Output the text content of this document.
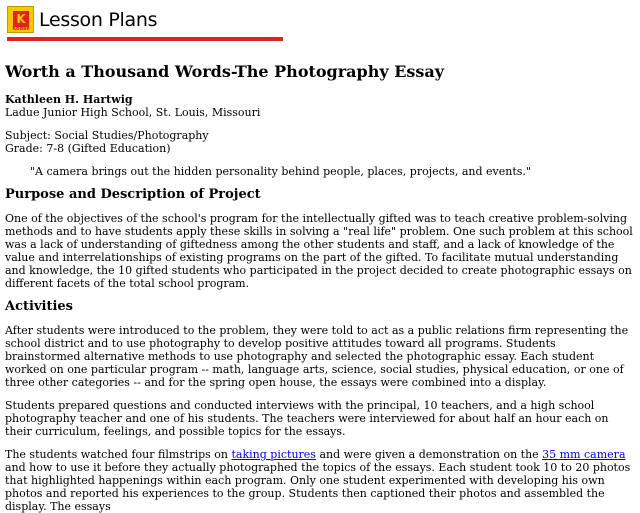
K
Kodak Lesson Plans
Worth a Thousand Words-The Photography Essay
Kathleen H. Hartwig
Ladue Junior High School, St. Louis, Missouri
Subject: Social Studies/Photography
Grade: 7-8 (Gifted Education)

"A camera brings out the hidden personality behind people, places, projects, and events."

Purpose and Description of Project

One of the objectives of the school's program for the intellectually gifted was to teach creative problem-solving methods and to have students apply these skills in solving a "real life" problem. One such problem at this school was a lack of understanding of giftedness among the other students and staff, and a lack of knowledge of the value and interrelationships of existing programs on the part of the gifted. To facilitate mutual understanding and knowledge, the 10 gifted students who participated in the project decided to create photographic essays on different facets of the total school program.

Activities

After students were introduced to the problem, they were told to act as a public relations firm representing the school district and to use photography to develop positive attitudes toward all programs. Students brainstormed alternative methods to use photography and selected the photographic essay. Each student worked on one particular program -- math, language arts, science, social studies, physical education, or one of three other categories -- and for the spring open house, the essays were combined into a display.

Students prepared questions and conducted interviews with the principal, 10 teachers, and a high school photography teacher and one of his students. The teachers were interviewed for about half an hour each on their curriculum, feelings, and possible topics for the essays.

The students watched four filmstrips on taking pictures and were given a demonstration on the 35 mm camera and how to use it before they actually photographed the topics of the essays. Each student took 10 to 20 photos that highlighted happenings within each program. Only one student experimented with developing his own photos and reported his experiences to the group. Students then captioned their photos and assembled the display. The essays
